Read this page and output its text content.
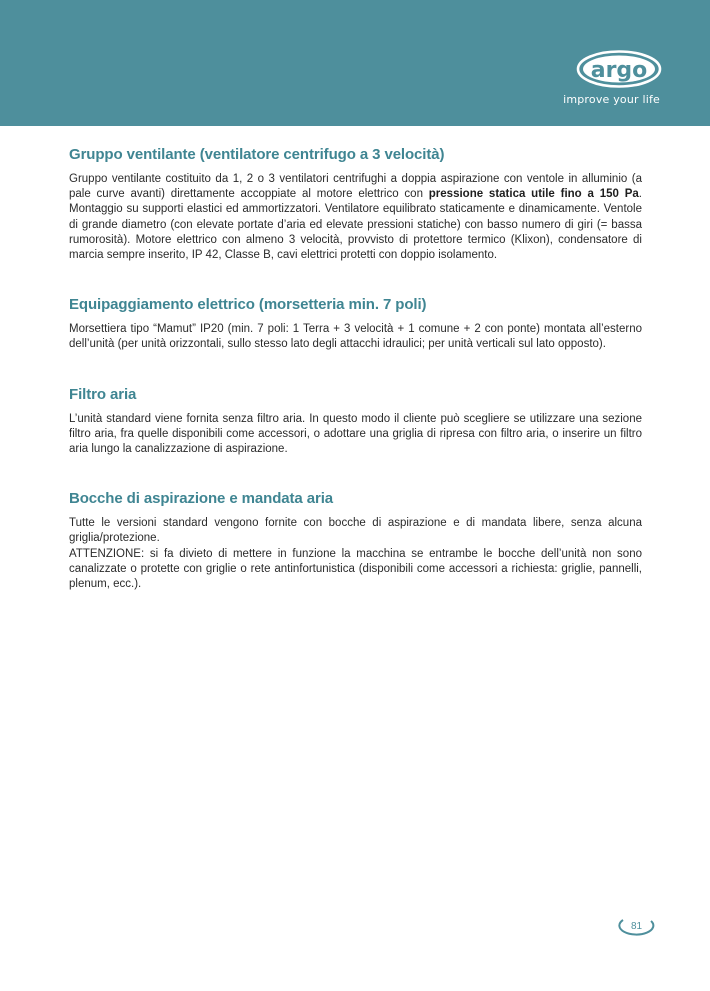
argo
improve your life
Gruppo ventilante (ventilatore centrifugo a 3 velocità)

Gruppo ventilante costituito da 1, 2 o 3 ventilatori centrifughi a doppia aspirazione con ventole in alluminio (a pale curve avanti) direttamente accoppiate al motore elettrico con pressione statica utile fino a 150 Pa. Montaggio su supporti elastici ed ammortizzatori. Ventilatore equilibrato staticamente e dinamicamente. Ventole di grande diametro (con elevate portate d’aria ed elevate pressioni statiche) con basso numero di giri (= bassa rumorosità). Motore elettrico con almeno 3 velocità, provvisto di protettore termico (Klixon), condensatore di marcia sempre inserito, IP 42, Classe B, cavi elettrici protetti con doppio isolamento.

Equipaggiamento elettrico (morsetteria min. 7 poli)

Morsettiera tipo “Mamut” IP20 (min. 7 poli: 1 Terra + 3 velocità + 1 comune + 2 con ponte) montata all’esterno dell’unità (per unità orizzontali, sullo stesso lato degli attacchi idraulici; per unità verticali sul lato opposto).

Filtro aria

L’unità standard viene fornita senza filtro aria. In questo modo il cliente può scegliere se utilizzare una sezione filtro aria, fra quelle disponibili come accessori, o adottare una griglia di ripresa con filtro aria, o inserire un filtro aria lungo la canalizzazione di aspirazione.

Bocche di aspirazione e mandata aria

Tutte le versioni standard vengono fornite con bocche di aspirazione e di mandata libere, senza alcuna griglia/protezione.

ATTENZIONE: si fa divieto di mettere in funzione la macchina se entrambe le bocche dell’unità non sono canalizzate o protette con griglie o rete antinfortunistica (disponibili come accessori a richiesta: griglie, pannelli, plenum, ecc.).

81
